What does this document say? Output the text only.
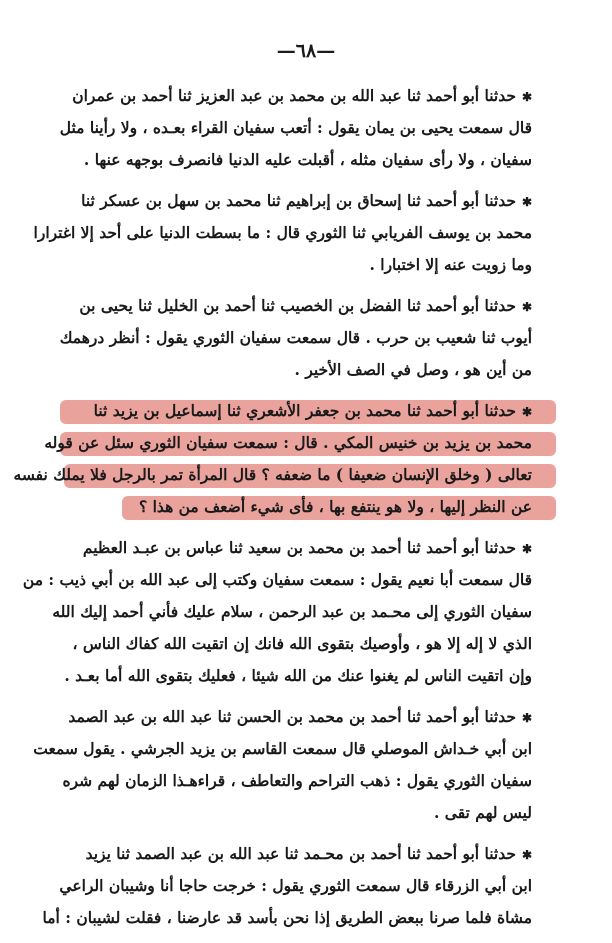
—٦٨—
✱حدثنا أبو أحمد ثنا عبد الله بن محمد بن عبد العزيز ثنا أحمد بن عمران
قال سمعت يحيى بن يمان يقول : أتعب سفيان القراء بعـده ، ولا رأينا مثل
سفيان ، ولا رأى سفيان مثله ، أقبلت عليه الدنيا فانصرف بوجهه عنها .
✱حدثنا أبو أحمد ثنا إسحاق بن إبراهيم ثنا محمد بن سهل بن عسكر ثنا
محمد بن يوسف الفريابي ثنا الثوري قال : ما بسطت الدنيا على أحد إلا اغترارا
وما زويت عنه إلا اختبارا .
✱حدثنا أبو أحمد ثنا الفضل بن الخصيب ثنا أحمد بن الخليل ثنا يحيى بن
أيوب ثنا شعيب بن حرب . قال سمعت سفيان الثوري يقول : أنظر درهمك
من أين هو ، وصل في الصف الأخير .
✱حدثنا أبو أحمد ثنا محمد بن جعفر الأشعري ثنا إسماعيل بن يزيد ثنا
محمد بن يزيد بن خنيس المكي . قال : سمعت سفيان الثوري سئل عن قوله
تعالى ( وخلق الإنسان ضعيفا ) ما ضعفه ؟ قال المرأة تمر بالرجل فلا يملك نفسه
عن النظر إليها ، ولا هو ينتفع بها ، فأى شيء أضعف من هذا ؟
✱حدثنا أبو أحمد ثنا أحمد بن محمد بن سعيد ثنا عباس بن عبـد العظيم
قال سمعت أبا نعيم يقول : سمعت سفيان وكتب إلى عبد الله بن أبي ذيب : من
سفيان الثوري إلى محـمد بن عبد الرحمن ، سلام عليك فأني أحمد إليك الله
الذي لا إله إلا هو ، وأوصيك بتقوى الله فانك إن اتقيت الله كفاك الناس ،
وإن اتقيت الناس لم يغنوا عنك من الله شيئا ، فعليك بتقوى الله أما بعـد .
✱حدثنا أبو أحمد ثنا أحمد بن محمد بن الحسن ثنا عبد الله بن عبد الصمد
ابن أبي خـداش الموصلي قال سمعت القاسم بن يزيد الجرشي . يقول سمعت
سفيان الثوري يقول : ذهب التراحم والتعاطف ، قراءهـذا الزمان لهم شره
ليس لهم تقى .
✱حدثنا أبو أحمد ثنا أحمد بن محـمد ثنا عبد الله بن عبد الصمد ثنا يزيد
ابن أبي الزرقاء قال سمعت الثوري يقول : خرجت حاجا أنا وشيبان الراعي
مشاة فلما صرنا ببعض الطريق إذا نحن بأسد قد عارضنا ، فقلت لشيبان : أما
